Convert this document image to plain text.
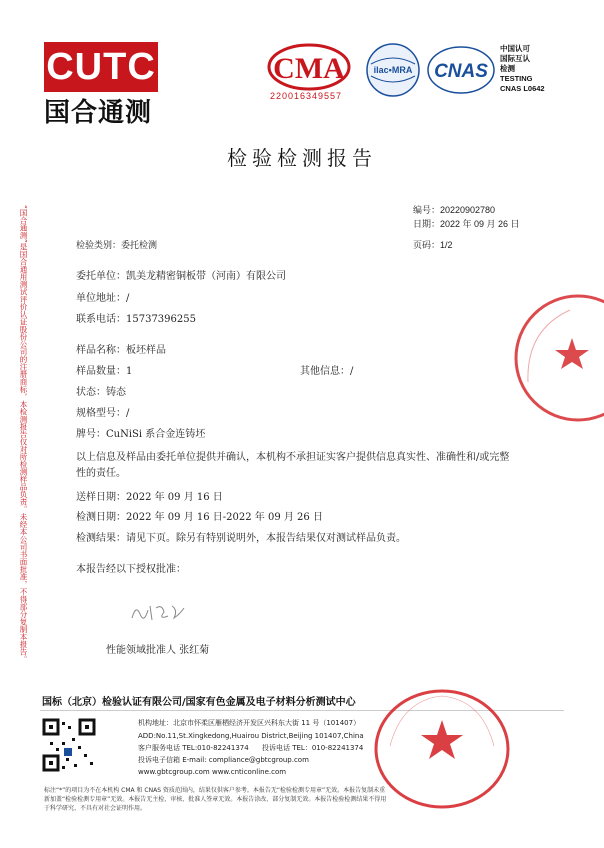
CUTC
国合通测
CMA
220016349557
ilac•MRA CNAS
中国认可
国际互认
检测
TESTING
CNAS L0642
“国合通测”是国合通用测试评价认证股份公司的注册商标，本检测报告仅对所检测样品负责。未经本公司书面批准，不得部分复制本报告。
检验检测报告
编号：20220902780
日期：2022 年 09 月 26 日
检验类别：委托检测	页码：1/2
委托单位：凯美龙精密铜板带（河南）有限公司
单位地址：/
联系电话：15737396255
样品名称：板坯样品
样品数量：1	其他信息：/
状态：铸态
规格型号：/
牌号：CuNiSi 系合金连铸坯
以上信息及样品由委托单位提供并确认，本机构不承担证实客户提供信息真实性、准确性和/或完整性的责任。
送样日期：2022 年 09 月 16 日
检测日期：2022 年 09 月 16 日-2022 年 09 月 26 日
检测结果：请见下页。除另有特别说明外，本报告结果仅对测试样品负责。
本报告经以下授权批准：
性能领域批准人 张红菊
国标（北京）检验认证有限公司/国家有色金属及电子材料分析测试中心
机构地址：北京市怀柔区雁栖经济开发区兴科东大街 11 号（101407）
ADD:No.11,St.Xingkedong,Huairou District,Beijing 101407,China
客户服务电话 TEL:010-82241374 投诉电话 TEL：010-82241374
投诉电子信箱 E-mail: compliance@gbtcgroup.com
www.gbtcgroup.com www.cnticonline.com
标注“*”的项目为不在本机构 CMA 和 CNAS 资质范围内，结果仅供客户参考。本报告无“检验检测专用章”无效。本报告复制未重新加盖“检验检测专用章”无效。本报告无主检、审核、批准人签章无效。本报告涂改、部分复制无效。本报告检验检测结果不得用于科学研究、不具有对社会证明作用。
